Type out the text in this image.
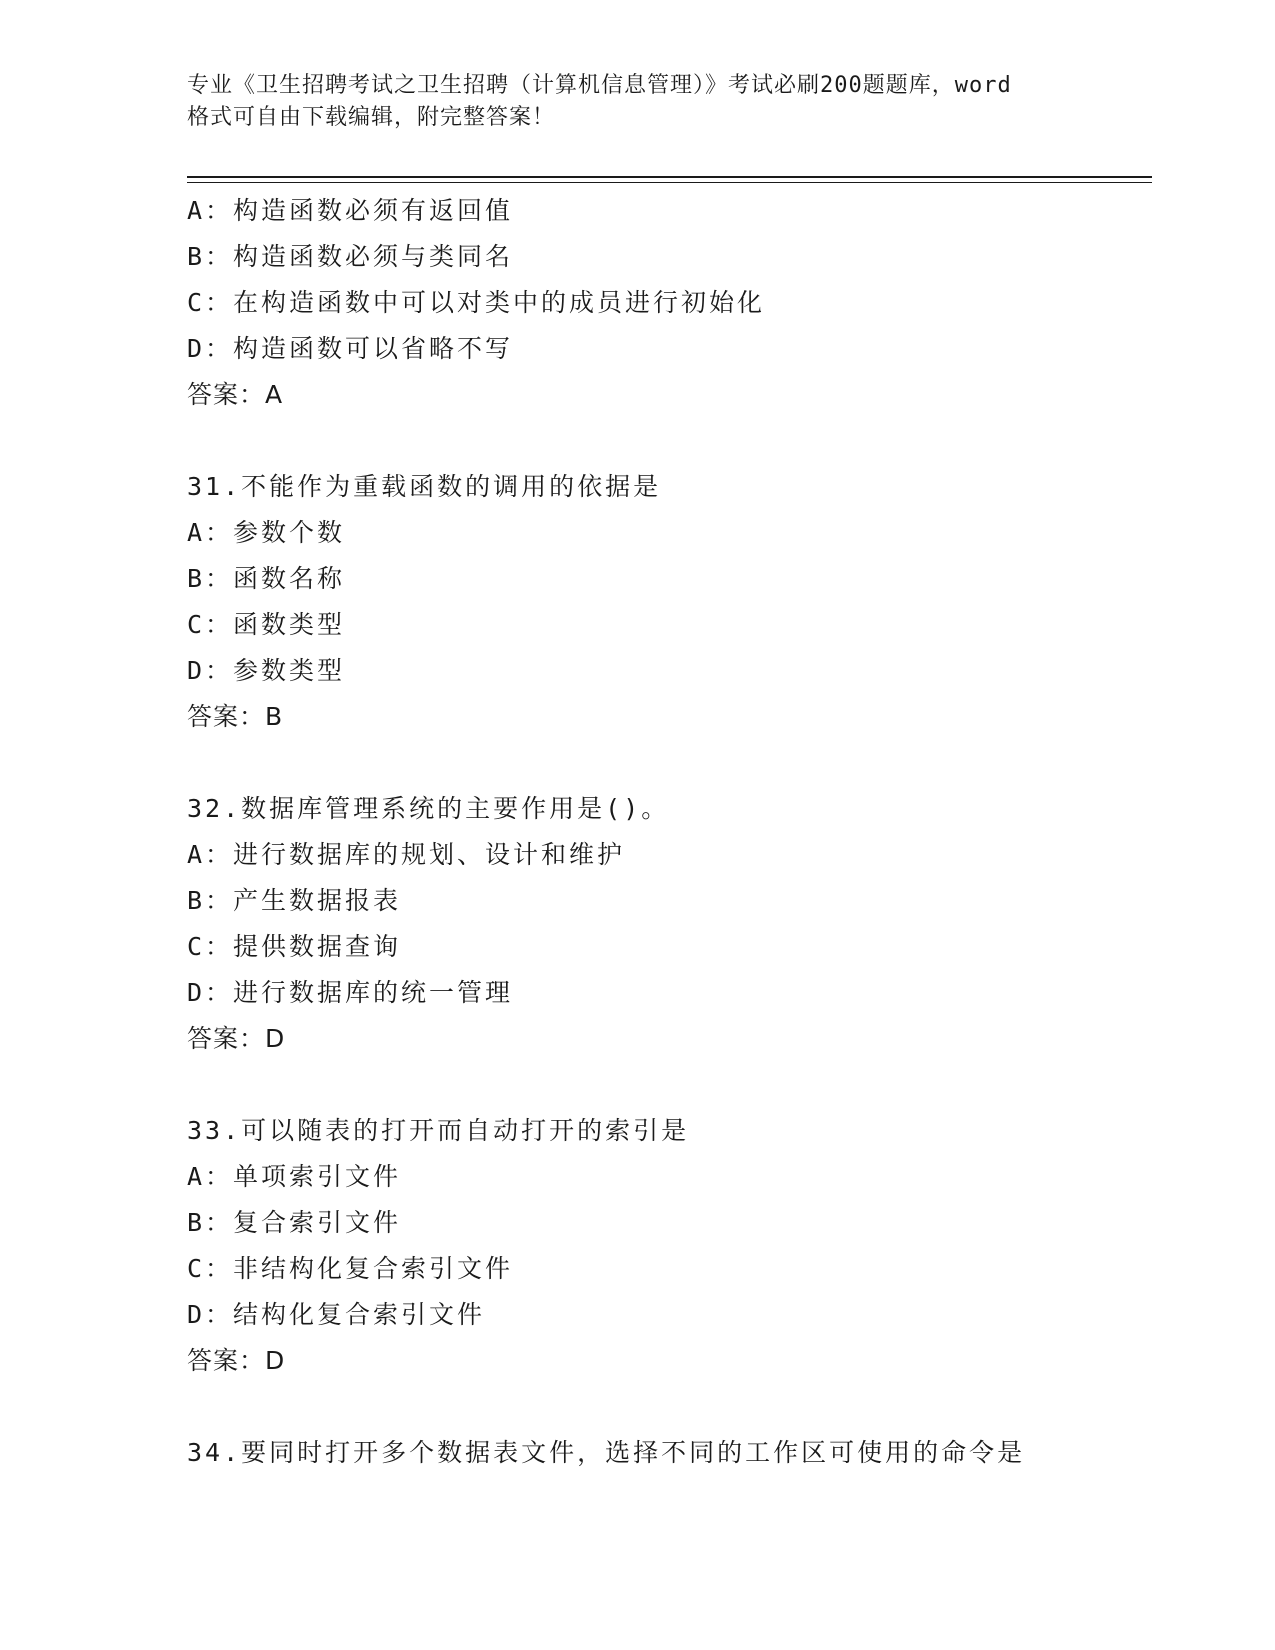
专业《卫生招聘考试之卫生招聘（计算机信息管理）》考试必刷200题题库，word
格式可自由下载编辑，附完整答案！
A：构造函数必须有返回值
B：构造函数必须与类同名
C：在构造函数中可以对类中的成员进行初始化
D：构造函数可以省略不写
答案：A
31.不能作为重载函数的调用的依据是
A：参数个数
B：函数名称
C：函数类型
D：参数类型
答案：B
32.数据库管理系统的主要作用是()。
A：进行数据库的规划、设计和维护
B：产生数据报表
C：提供数据查询
D：进行数据库的统一管理
答案：D
33.可以随表的打开而自动打开的索引是
A：单项索引文件
B：复合索引文件
C：非结构化复合索引文件
D：结构化复合索引文件
答案：D
34.要同时打开多个数据表文件，选择不同的工作区可使用的命令是
